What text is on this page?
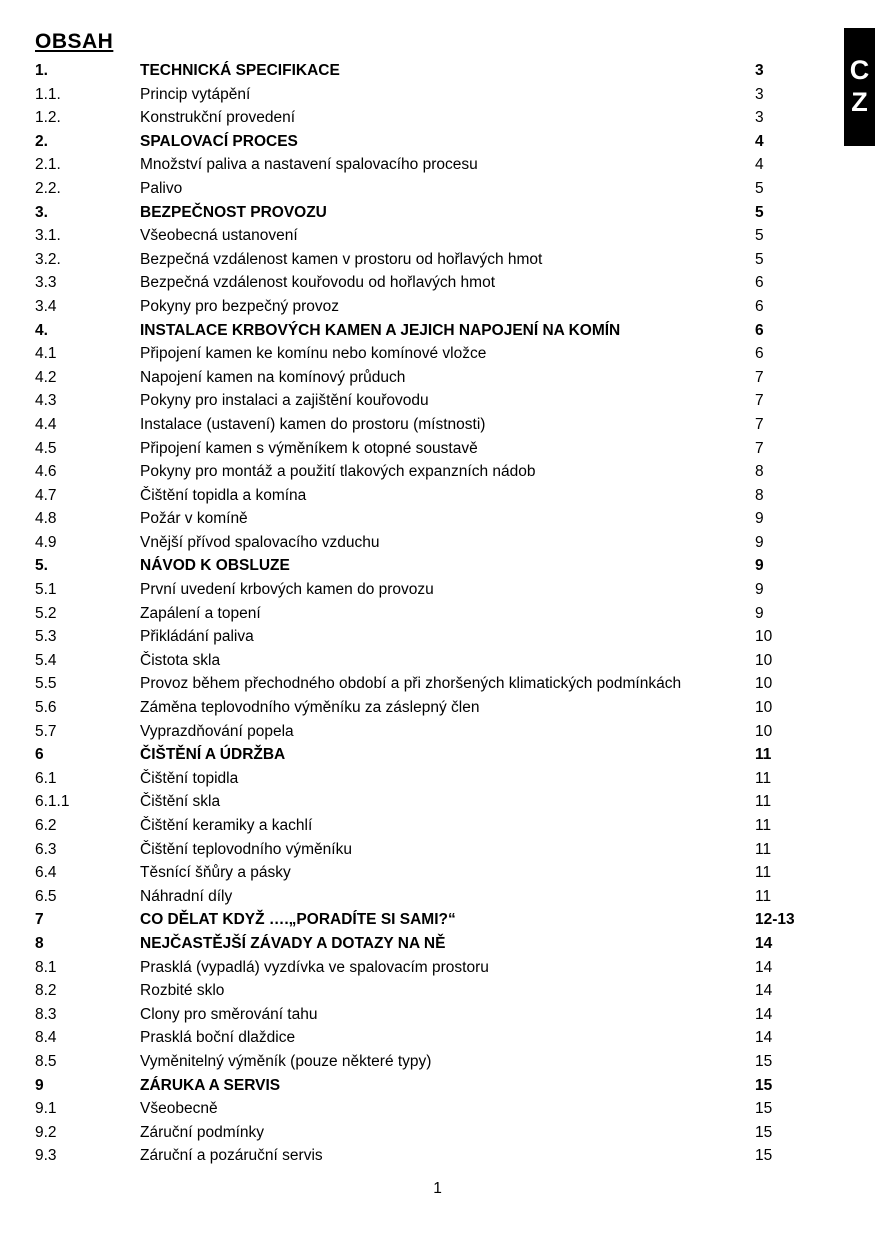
C
Z
OBSAH
1.	TECHNICKÁ SPECIFIKACE	3
1.1.	Princip vytápění	3
1.2.	Konstrukční provedení	3
2.	SPALOVACÍ PROCES	4
2.1.	Množství paliva a nastavení spalovacího procesu	4
2.2.	Palivo	5
3.	BEZPEČNOST PROVOZU	5
3.1.	Všeobecná ustanovení	5
3.2.	Bezpečná vzdálenost kamen v prostoru od hořlavých hmot	5
3.3	Bezpečná vzdálenost kouřovodu od hořlavých hmot	6
3.4	Pokyny pro bezpečný provoz	6
4.	INSTALACE KRBOVÝCH KAMEN A JEJICH NAPOJENÍ NA KOMÍN	6
4.1	Připojení kamen ke komínu nebo komínové vložce	6
4.2	Napojení kamen na komínový průduch	7
4.3	Pokyny pro instalaci a zajištění kouřovodu	7
4.4	Instalace (ustavení) kamen do prostoru (místnosti)	7
4.5	Připojení kamen s výměníkem k otopné soustavě	7
4.6	Pokyny pro montáž a použití tlakových expanzních nádob	8
4.7	Čištění topidla a komína	8
4.8	Požár v komíně	9
4.9	Vnější přívod spalovacího vzduchu	9
5.	NÁVOD K OBSLUZE	9
5.1	První uvedení krbových kamen do provozu	9
5.2	Zapálení a topení	9
5.3	Přikládání paliva	10
5.4	Čistota skla	10
5.5	Provoz během přechodného období a při zhoršených klimatických podmínkách	10
5.6	Záměna teplovodního výměníku za záslepný člen	10
5.7	Vyprazdňování popela	10
6	ČIŠTĚNÍ A ÚDRŽBA	11
6.1	Čištění topidla	11
6.1.1	Čištění skla	11
6.2	Čištění keramiky a kachlí	11
6.3	Čištění teplovodního výměníku	11
6.4	Těsnící šňůry a pásky	11
6.5	Náhradní díly	11
7	CO DĚLAT KDYŽ ….„PORADÍTE SI SAMI?“	12-13
8	NEJČASTĚJŠÍ ZÁVADY A DOTAZY NA NĚ	14
8.1	Prasklá (vypadlá) vyzdívka ve spalovacím prostoru	14
8.2	Rozbité sklo	14
8.3	Clony pro směrování tahu	14
8.4	Prasklá boční dlaždice	14
8.5	Vyměnitelný výměník (pouze některé typy)	15
9	ZÁRUKA A SERVIS	15
9.1	Všeobecně	15
9.2	Záruční podmínky	15
9.3	Záruční a pozáruční servis	15
1
